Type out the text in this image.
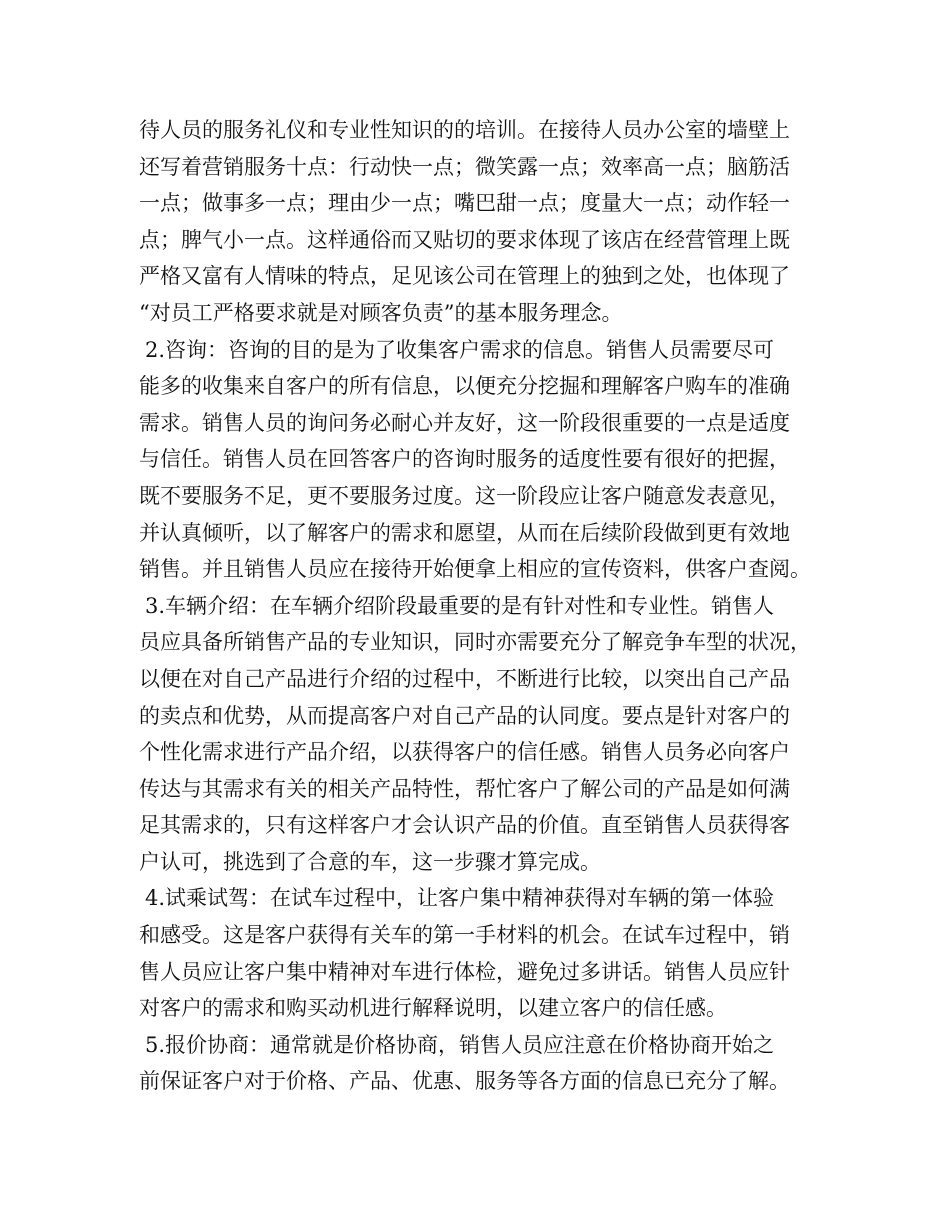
待人员的服务礼仪和专业性知识的的培训。在接待人员办公室的墙壁上
还写着营销服务十点：行动快一点；微笑露一点；效率高一点；脑筋活
一点；做事多一点；理由少一点；嘴巴甜一点；度量大一点；动作轻一
点；脾气小一点。这样通俗而又贴切的要求体现了该店在经营管理上既
严格又富有人情味的特点，足见该公司在管理上的独到之处，也体现了
“对员工严格要求就是对顾客负责”的基本服务理念。
2.咨询：咨询的目的是为了收集客户需求的信息。销售人员需要尽可
能多的收集来自客户的所有信息，以便充分挖掘和理解客户购车的准确
需求。销售人员的询问务必耐心并友好，这一阶段很重要的一点是适度
与信任。销售人员在回答客户的咨询时服务的适度性要有很好的把握，
既不要服务不足，更不要服务过度。这一阶段应让客户随意发表意见，
并认真倾听，以了解客户的需求和愿望，从而在后续阶段做到更有效地
销售。并且销售人员应在接待开始便拿上相应的宣传资料，供客户查阅。
3.车辆介绍：在车辆介绍阶段最重要的是有针对性和专业性。销售人
员应具备所销售产品的专业知识，同时亦需要充分了解竞争车型的状况，
以便在对自己产品进行介绍的过程中，不断进行比较，以突出自己产品
的卖点和优势，从而提高客户对自己产品的认同度。要点是针对客户的
个性化需求进行产品介绍，以获得客户的信任感。销售人员务必向客户
传达与其需求有关的相关产品特性，帮忙客户了解公司的产品是如何满
足其需求的，只有这样客户才会认识产品的价值。直至销售人员获得客
户认可，挑选到了合意的车，这一步骤才算完成。
4.试乘试驾：在试车过程中，让客户集中精神获得对车辆的第一体验
和感受。这是客户获得有关车的第一手材料的机会。在试车过程中，销
售人员应让客户集中精神对车进行体检，避免过多讲话。销售人员应针
对客户的需求和购买动机进行解释说明，以建立客户的信任感。
5.报价协商：通常就是价格协商，销售人员应注意在价格协商开始之
前保证客户对于价格、产品、优惠、服务等各方面的信息已充分了解。
